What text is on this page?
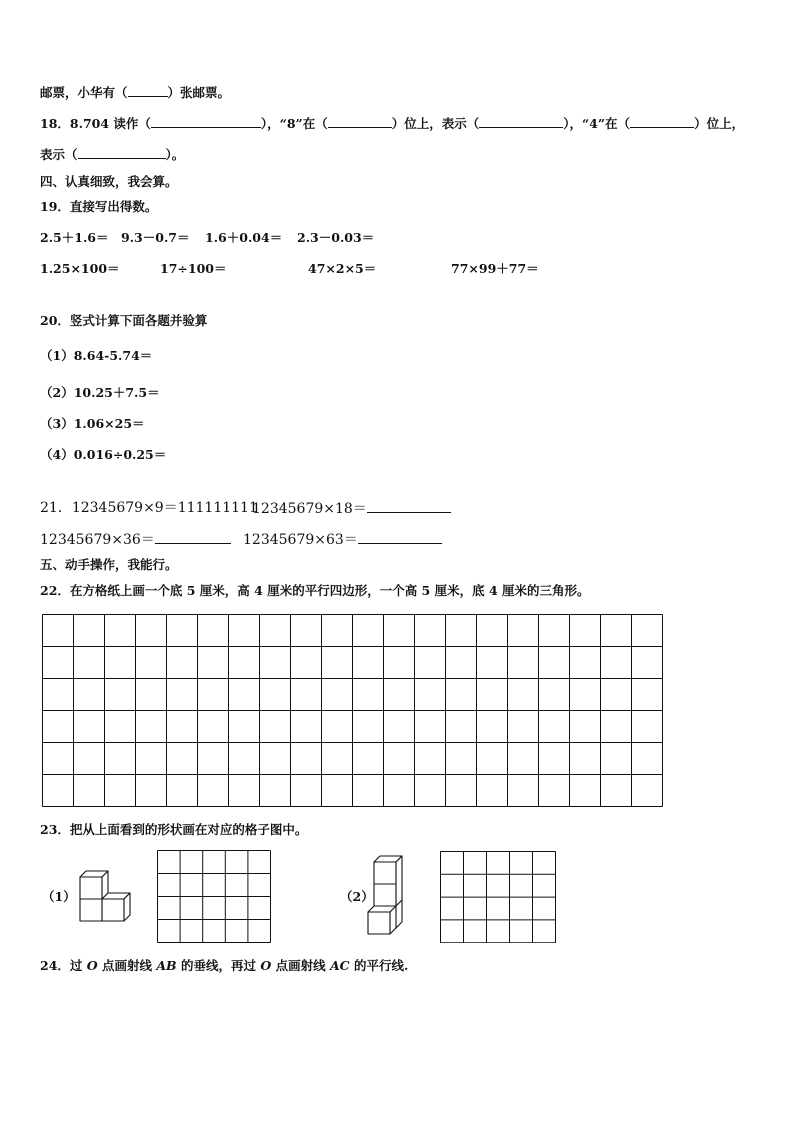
邮票，小华有（	）张邮票。
18．8.704 读作（	），“8”在（	）位上，表示（	），“4”在（	）位上，
表示（	）。
四、认真细致，我会算。
19．直接写出得数。
2.5＋1.6＝ 9.3－0.7＝ 1.6＋0.04＝ 2.3－0.03＝
1.25×100＝	17÷100＝	47×2×5＝	77×99＋77＝
20．竖式计算下面各题并验算
（1）8.64-5.74＝
（2）10.25＋7.5＝
（3）1.06×25＝
（4）0.016÷0.25＝
21．12345679×9＝111111111
12345679×18＝
12345679×36＝	12345679×63＝
五、动手操作，我能行。
22．在方格纸上画一个底 5 厘米，高 4 厘米的平行四边形，一个高 5 厘米，底 4 厘米的三角形。
23．把从上面看到的形状画在对应的格子图中。
（1）	（2）
24．过 O 点画射线 AB 的垂线，再过 O 点画射线 AC 的平行线.
